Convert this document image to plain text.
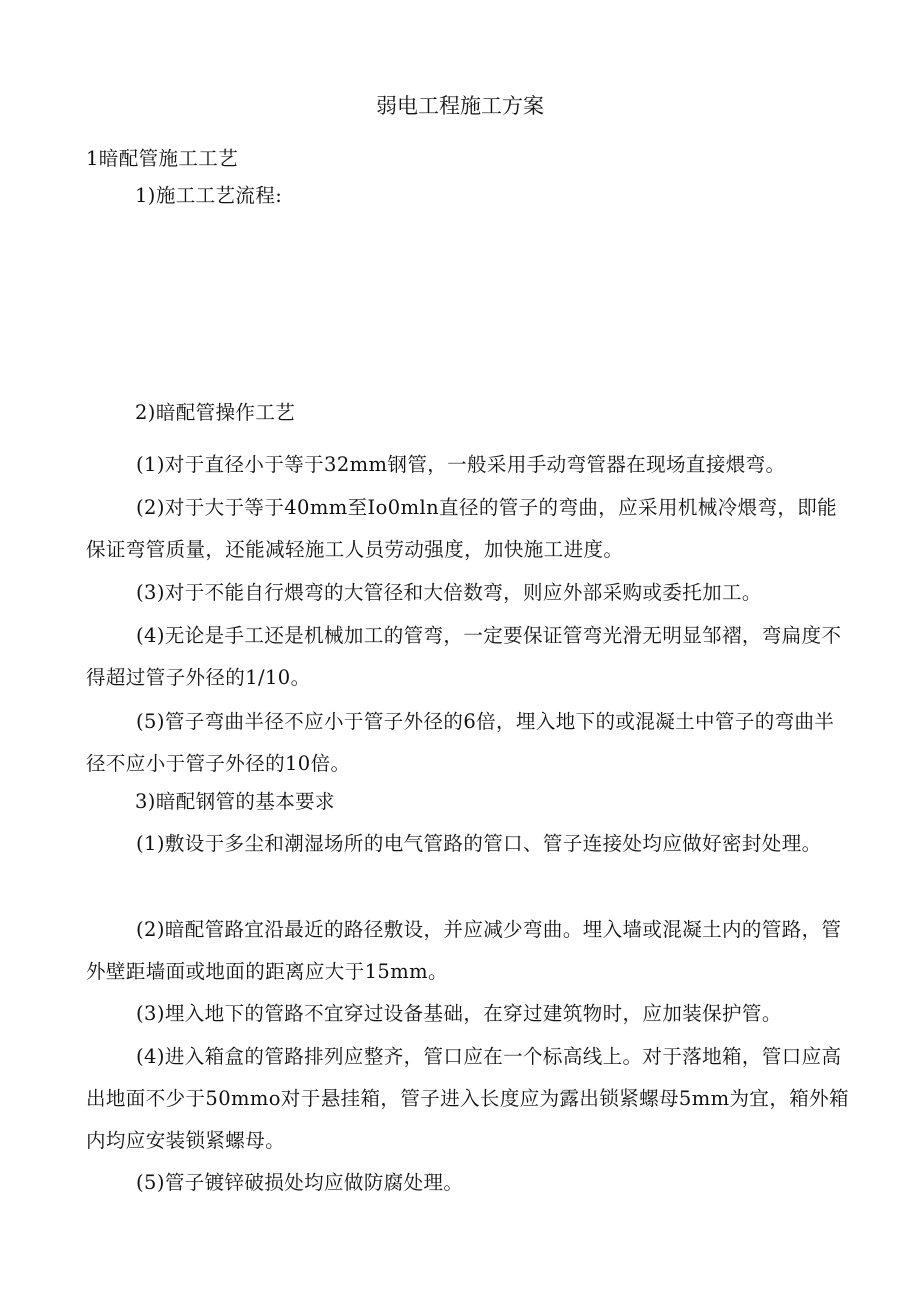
弱电工程施工方案

1暗配管施工工艺

1)施工工艺流程:

2)暗配管操作工艺

(1)对于直径小于等于32mm钢管，一般采用手动弯管器在现场直接煨弯。

(2)对于大于等于40mm至Io0mln直径的管子的弯曲，应采用机械冷煨弯，即能保证弯管质量，还能减轻施工人员劳动强度，加快施工进度。

(3)对于不能自行煨弯的大管径和大倍数弯，则应外部采购或委托加工。

(4)无论是手工还是机械加工的管弯，一定要保证管弯光滑无明显邹褶，弯扁度不得超过管子外径的1/10。

(5)管子弯曲半径不应小于管子外径的6倍，埋入地下的或混凝土中管子的弯曲半径不应小于管子外径的10倍。

3)暗配钢管的基本要求

(1)敷设于多尘和潮湿场所的电气管路的管口、管子连接处均应做好密封处理。

(2)暗配管路宜沿最近的路径敷设，并应减少弯曲。埋入墙或混凝土内的管路，管外壁距墙面或地面的距离应大于15mm。

(3)埋入地下的管路不宜穿过设备基础，在穿过建筑物时，应加装保护管。

(4)进入箱盒的管路排列应整齐，管口应在一个标高线上。对于落地箱，管口应高出地面不少于50mmo对于悬挂箱，管子进入长度应为露出锁紧螺母5mm为宜，箱外箱内均应安装锁紧螺母。

(5)管子镀锌破损处均应做防腐处理。
